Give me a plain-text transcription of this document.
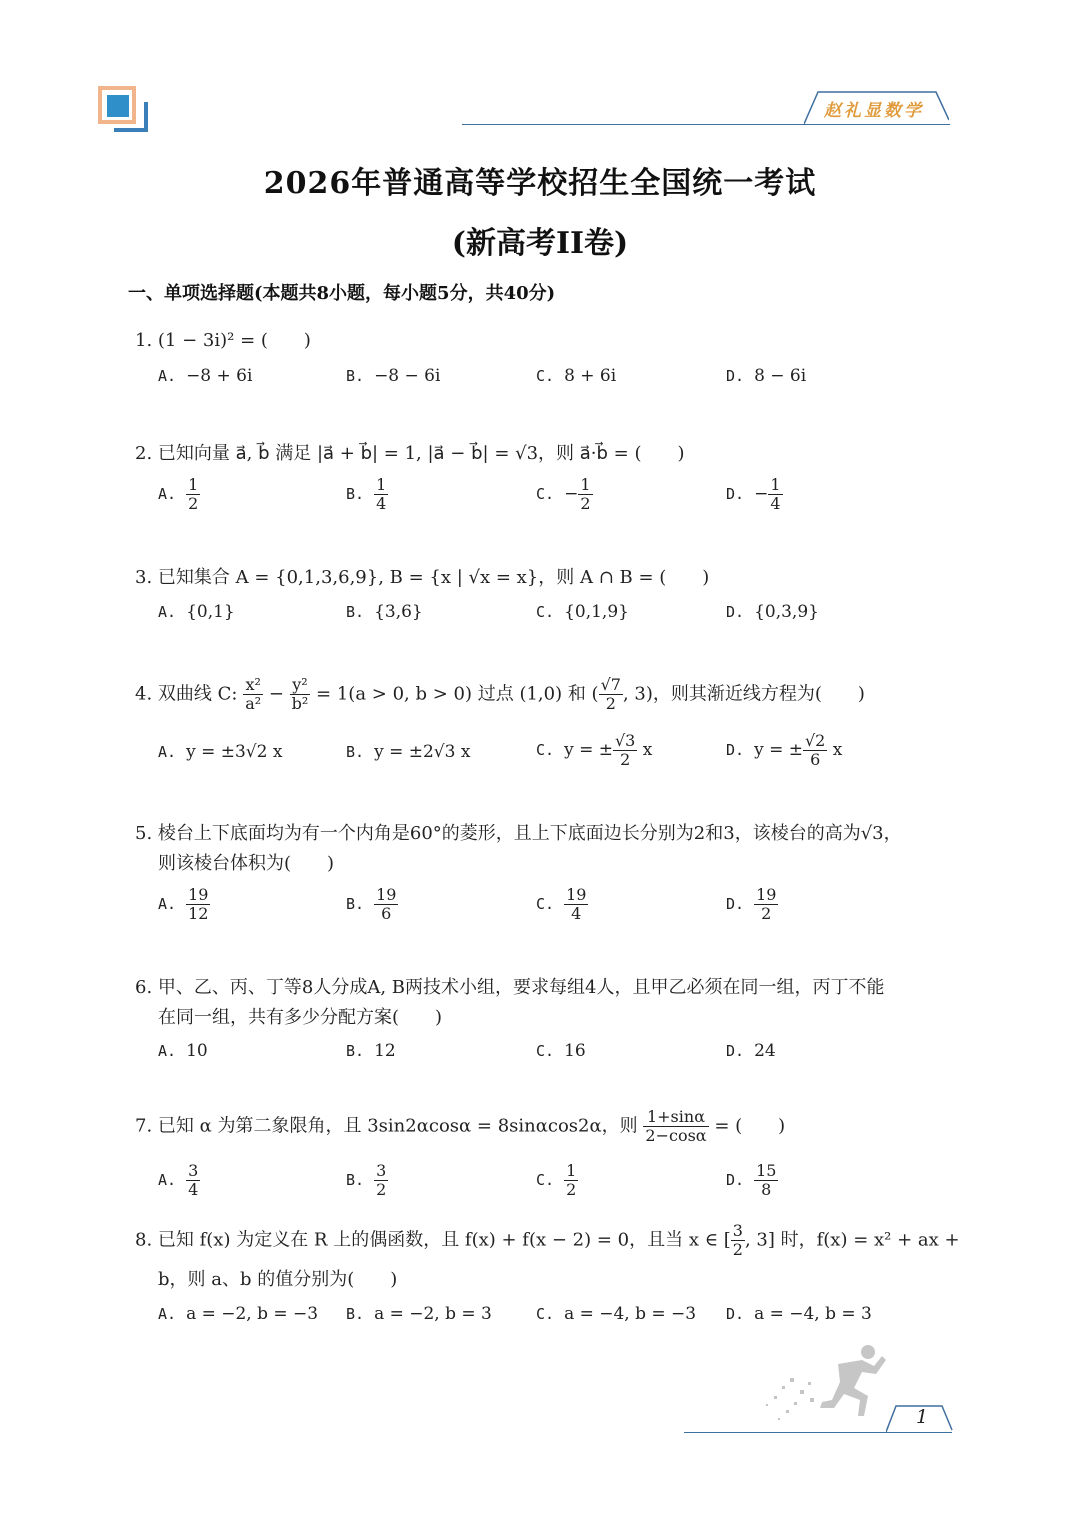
赵礼显数学
2026年普通高等学校招生全国统一考试
(新高考II卷)
一、单项选择题(本题共8小题，每小题5分，共40分)
1. (1 − 3i)² = (　　)
A. −8 + 6i	B. −8 − 6i	C. 8 + 6i	D. 8 − 6i
2. 已知向量 a⃗, b⃗ 满足 |a⃗ + b⃗| = 1, |a⃗ − b⃗| = √3，则 a⃗·b⃗ = (　　)
A. $\frac{1}{2}$	B. $\frac{1}{4}$	C. − $\frac{1}{2}$	D. − $\frac{1}{4}$
3. 已知集合 A = {0,1,3,6,9}, B = {x | √x = x}，则 A ∩ B = (　　)
A. {0,1}	B. {3,6}	C. {0,1,9}	D. {0,3,9}
4. 双曲线 C: $\frac{\text{x²}}{\text{a²}} - \frac{\text{y²}}{\text{b²}} = 1(a > 0$, b > 0) 过点 (1,0) 和 ( $\frac{√7}{2}$ , 3)，则其渐近线方程为(　　)
A. y = ±3√2 x	B. y = ±2√3 x	C. y = ± $\frac{√3}{2}$ x	D. y = ± $\frac{√2}{6}$ x
5. 棱台上下底面均为有一个内角是60°的菱形，且上下底面边长分别为2和3，该棱台的高为√3，
则该棱台体积为(　　)
A. $\frac{19}{12}$	B. $\frac{19}{6}$	C. $\frac{19}{4}$	D. $\frac{19}{2}$
6. 甲、乙、丙、丁等8人分成A, B两技术小组，要求每组4人，且甲乙必须在同一组，丙丁不能
在同一组，共有多少分配方案(　　)
A. 10	B. 12	C. 16	D. 24
7. 已知 α 为第二象限角，且 3sin2αcosα = 8sinαcos2α，则 $\frac{1+\sin\alpha}{2-\cos\alpha}$ = (　　)
A. $\frac{3}{4}$	B. $\frac{3}{2}$	C. $\frac{1}{2}$	D. $\frac{15}{8}$
8. 已知 f(x) 为定义在 R 上的偶函数，且 f(x) + f(x − 2) = 0，且当 x ∈ [ $\frac{3}{2}$ , 3] 时，f(x) = x² + ax +
b，则 a、b 的值分别为(　　)
A. a = −2, b = −3 B. a = −2, b = 3	C. a = −4, b = −3 D. a = −4, b = 3
1
